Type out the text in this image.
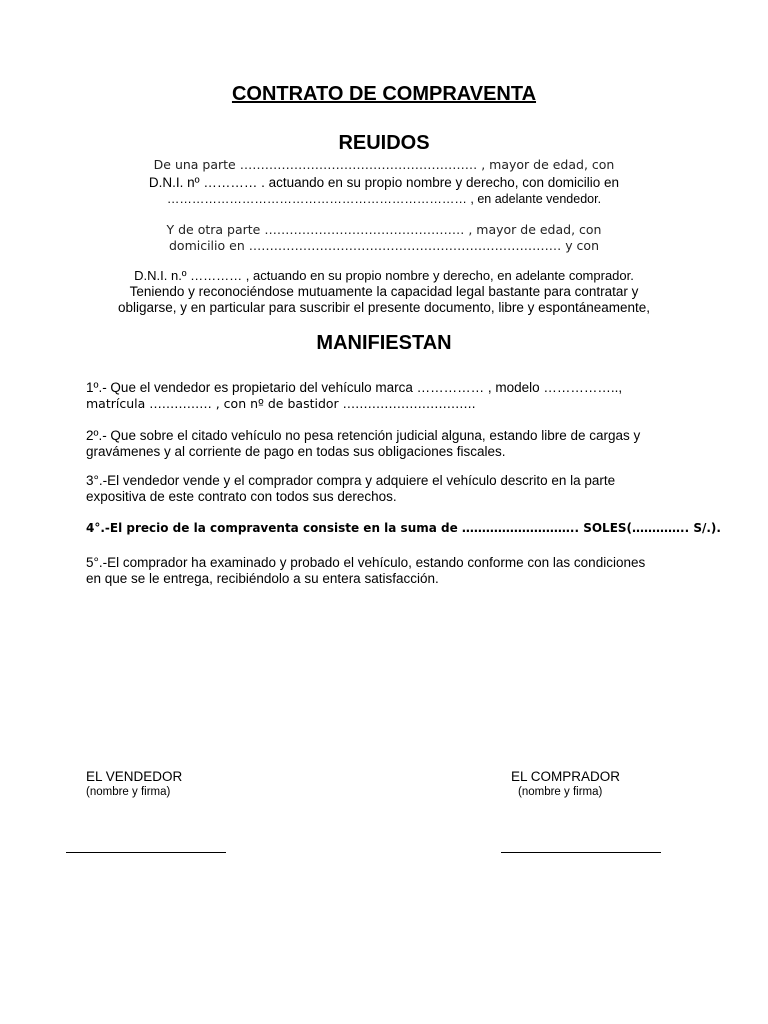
CONTRATO DE COMPRAVENTA
REUIDOS
De una parte ………………………………………………… , mayor de edad, con
D.N.I. nº ………… . actuando en su propio nombre y derecho, con domicilio en
……………………………………………………………… , en adelante vendedor.
Y de otra parte ………………………………………… , mayor de edad, con
domicilio en ………………………………………………………………… y con
D.N.I. n.º ………… , actuando en su propio nombre y derecho, en adelante comprador.
Teniendo y reconociéndose mutuamente la capacidad legal bastante para contratar y
obligarse, y en particular para suscribir el presente documento, libre y espontáneamente,
MANIFIESTAN
1º.- Que el vendedor es propietario del vehículo marca …………… , modelo ……………..,
matrícula …………… , con nº de bastidor …………………………..
2º.- Que sobre el citado vehículo no pesa retención judicial alguna, estando libre de cargas y
gravámenes y al corriente de pago en todas sus obligaciones fiscales.
3°.-El vendedor vende y el comprador compra y adquiere el vehículo descrito en la parte
expositiva de este contrato con todos sus derechos.
4°.-El precio de la compraventa consiste en la suma de ……………………….. SOLES(………….. S/.).
5°.-El comprador ha examinado y probado el vehículo, estando conforme con las condiciones
en que se le entrega, recibiéndolo a su entera satisfacción.
EL VENDEDOR
(nombre y firma)
EL COMPRADOR
(nombre y firma)
